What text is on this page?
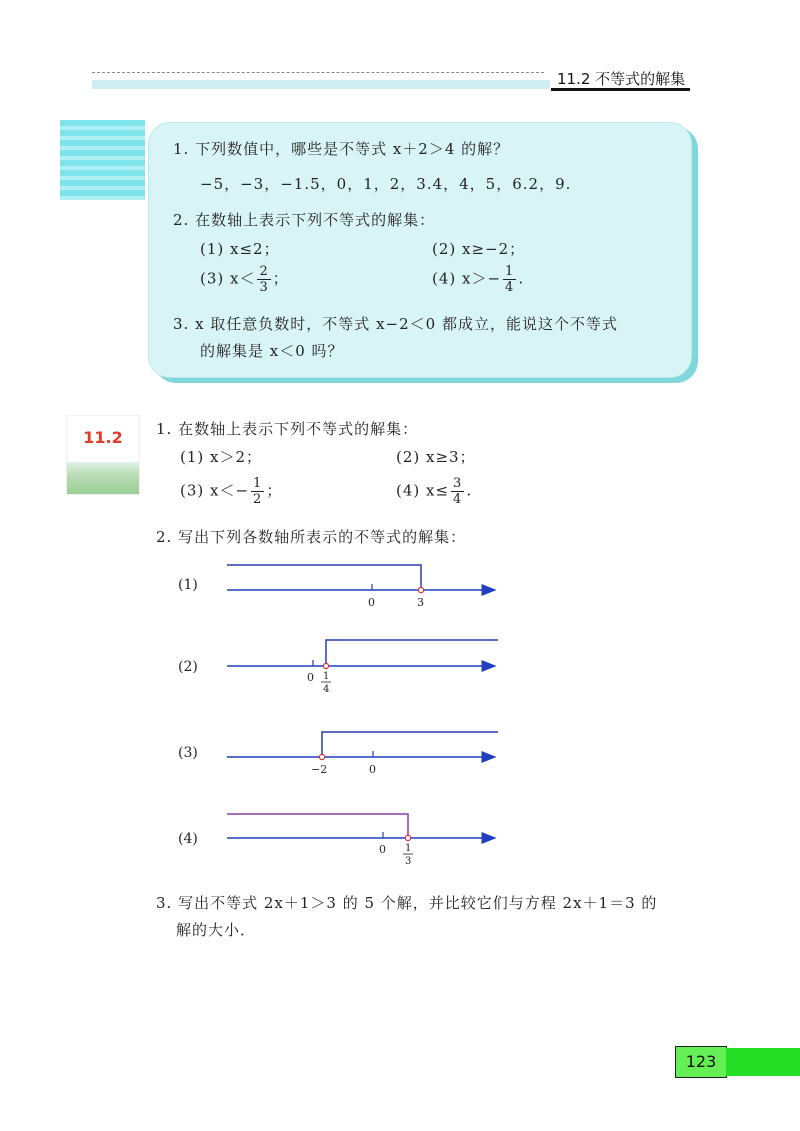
11.2 不等式的解集
1. 下列数值中，哪些是不等式 x＋2＞4 的解？
−5，−3，−1.5，0，1，2，3.4，4，5，6.2，9.
2. 在数轴上表示下列不等式的解集：
(1) x≤2；	(2) x≥−2；
(3) $x< \frac{2}{3}$ ；	(4) $x>- \frac{1}{4}$ .
3. x 取任意负数时，不等式 x−2＜0 都成立，能说这个不等式
的解集是 x＜0 吗？
11.2	1. 在数轴上表示下列不等式的解集：
(1) x＞2；	(2) x≥3；
(3) $x<- \frac{1}{2}$ ；	(4) $x\le \frac{3}{4}$ .
2. 写出下列各数轴所表示的不等式的解集：
(1)
0	3
(2)
0 1
4
(3)
−2	0
(4)
0 1
3
3. 写出不等式 2x＋1＞3 的 5 个解，并比较它们与方程 2x＋1＝3 的
解的大小．
123
